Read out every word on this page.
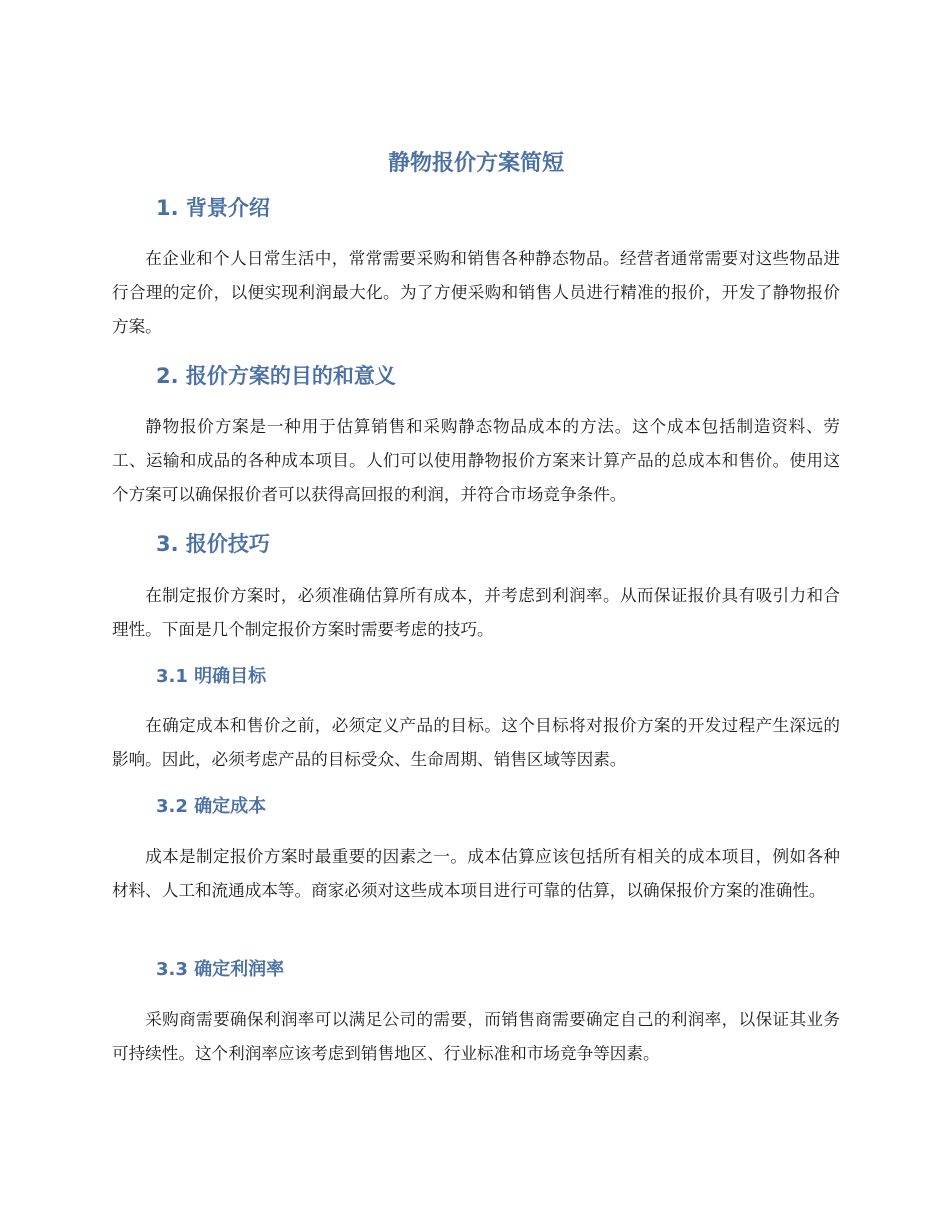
静物报价方案简短
1. 背景介绍

在企业和个人日常生活中，常常需要采购和销售各种静态物品。经营者通常需要对这些物品进行合理的定价，以便实现利润最大化。为了方便采购和销售人员进行精准的报价，开发了静物报价方案。

2. 报价方案的目的和意义

静物报价方案是一种用于估算销售和采购静态物品成本的方法。这个成本包括制造资料、劳工、运输和成品的各种成本项目。人们可以使用静物报价方案来计算产品的总成本和售价。使用这个方案可以确保报价者可以获得高回报的利润，并符合市场竞争条件。

3. 报价技巧

在制定报价方案时，必须准确估算所有成本，并考虑到利润率。从而保证报价具有吸引力和合理性。下面是几个制定报价方案时需要考虑的技巧。

3.1 明确目标

在确定成本和售价之前，必须定义产品的目标。这个目标将对报价方案的开发过程产生深远的影响。因此，必须考虑产品的目标受众、生命周期、销售区域等因素。

3.2 确定成本

成本是制定报价方案时最重要的因素之一。成本估算应该包括所有相关的成本项目，例如各种材料、人工和流通成本等。商家必须对这些成本项目进行可靠的估算，以确保报价方案的准确性。

3.3 确定利润率

采购商需要确保利润率可以满足公司的需要，而销售商需要确定自己的利润率，以保证其业务可持续性。这个利润率应该考虑到销售地区、行业标准和市场竞争等因素。
